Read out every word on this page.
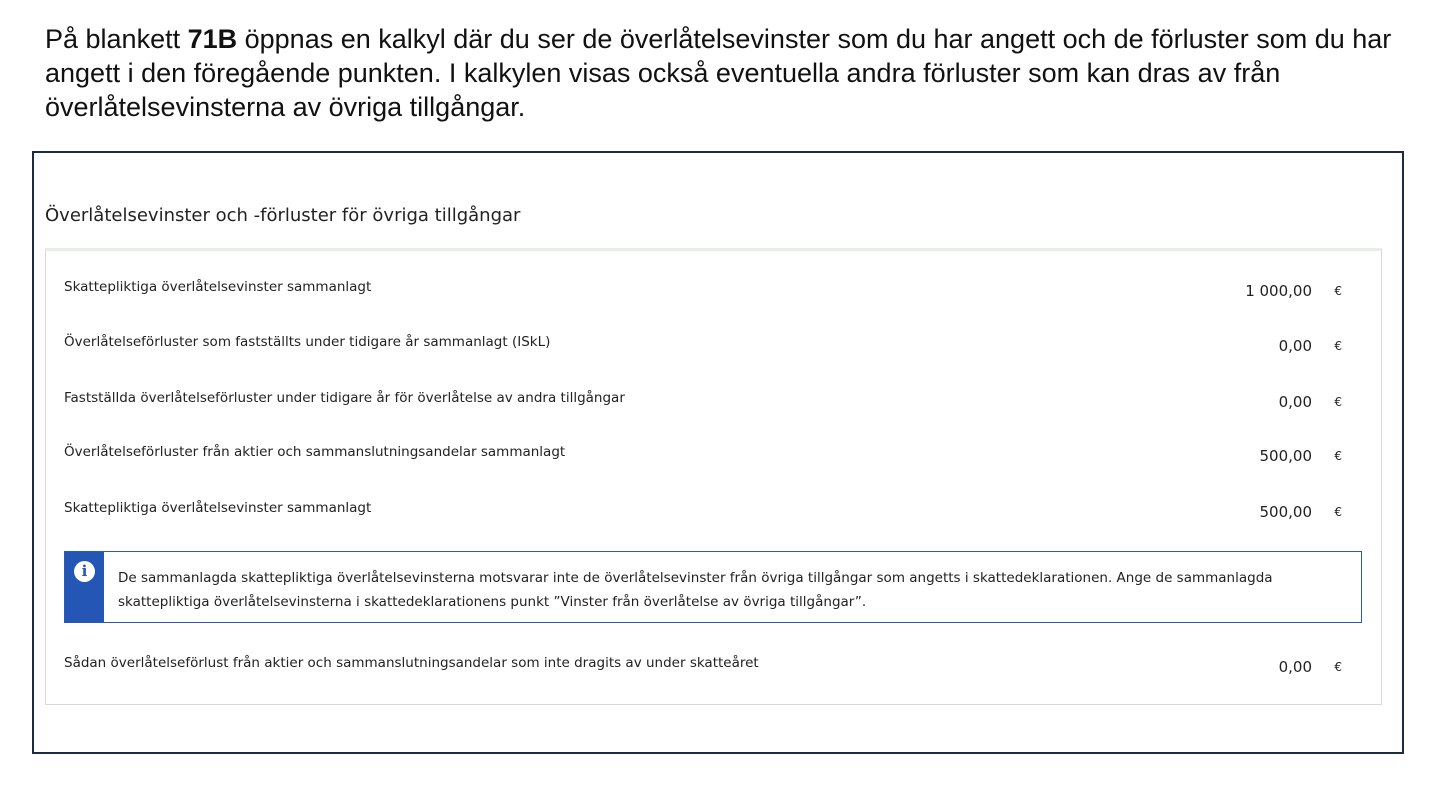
På blankett 71B öppnas en kalkyl där du ser de överlåtelsevinster som du har angett och de förluster som du har angett i den föregående punkten. I kalkylen visas också eventuella andra förluster som kan dras av från överlåtelsevinsterna av övriga tillgångar.
Överlåtelsevinster och -förluster för övriga tillgångar
Skattepliktiga överlåtelsevinster sammanlagt	1 000,00 €
Överlåtelseförluster som fastställts under tidigare år sammanlagt (ISkL)	0,00 €
Fastställda överlåtelseförluster under tidigare år för överlåtelse av andra tillgångar	0,00 €
Överlåtelseförluster från aktier och sammanslutningsandelar sammanlagt	500,00 €
Skattepliktiga överlåtelsevinster sammanlagt	500,00 €
i	De sammanlagda skattepliktiga överlåtelsevinsterna motsvarar inte de överlåtelsevinster från övriga tillgångar som angetts i skattedeklarationen. Ange de sammanlagda skattepliktiga överlåtelsevinsterna i skattedeklarationens punkt ”Vinster från överlåtelse av övriga tillgångar”.
Sådan överlåtelseförlust från aktier och sammanslutningsandelar som inte dragits av under skatteåret	0,00 €
